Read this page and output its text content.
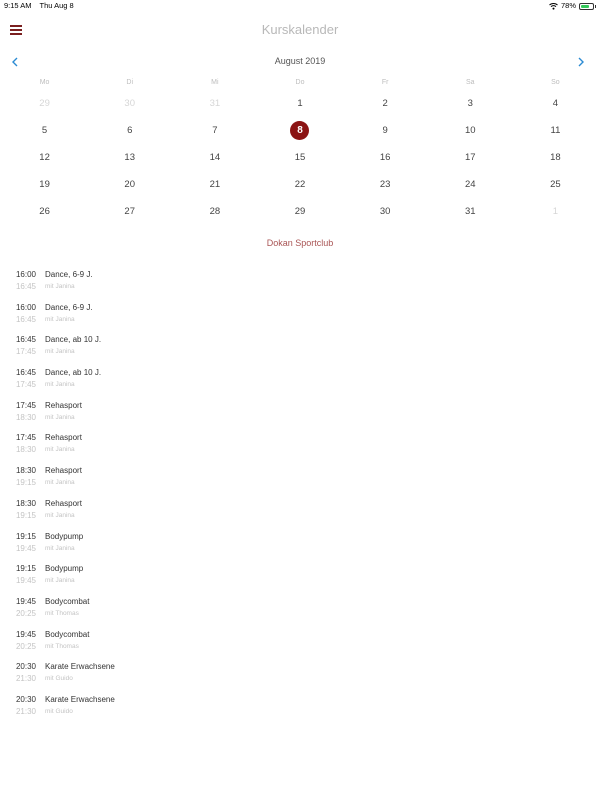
9:15 AM Thu Aug 8	78%
Kurskalender
August 2019
Mo	Di	Mi	Do	Fr	Sa	So
29	30	31	1	2	3	4
5	6	7	8	9	10	11
12	13	14	15	16	17	18
19	20	21	22	23	24	25
26	27	28	29	30	31	1
Dokan Sportclub
16:00
16:45
Dance, 6-9 J.
mit Janina
16:00
16:45
Dance, 6-9 J.
mit Janina
16:45
17:45
Dance, ab 10 J.
mit Janina
16:45
17:45
Dance, ab 10 J.
mit Janina
17:45
18:30
Rehasport
mit Janina
17:45
18:30
Rehasport
mit Janina
18:30
19:15
Rehasport
mit Janina
18:30
19:15
Rehasport
mit Janina
19:15
19:45
Bodypump
mit Janina
19:15
19:45
Bodypump
mit Janina
19:45
20:25
Bodycombat
mit Thomas
19:45
20:25
Bodycombat
mit Thomas
20:30
21:30
Karate Erwachsene
mit Guido
20:30
21:30
Karate Erwachsene
mit Guido
